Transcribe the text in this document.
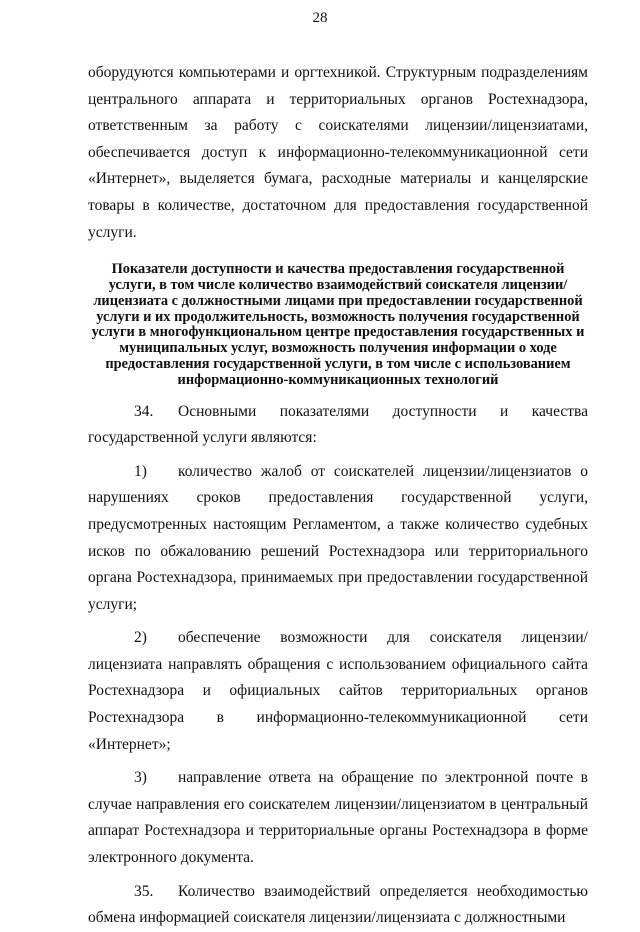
28

оборудуются компьютерами и оргтехникой. Структурным подразделениям центрального аппарата и территориальных органов Ростехнадзора, ответственным за работу с соискателями лицензии/лицензиатами, обеспечивается доступ к информационно-телекоммуникационной сети «Интернет», выделяется бумага, расходные материалы и канцелярские товары в количестве, достаточном для предоставления государственной услуги.

Показатели доступности и качества предоставления государственной услуги, в том числе количество взаимодействий соискателя лицензии/лицензиата с должностными лицами при предоставлении государственной услуги и их продолжительность, возможность получения государственной услуги в многофункциональном центре предоставления государственных и муниципальных услуг, возможность получения информации о ходе предоставления государственной услуги, в том числе с использованием информационно-коммуникационных технологий

34. Основными показателями доступности и качества государственной услуги являются:

1) количество жалоб от соискателей лицензии/лицензиатов о нарушениях сроков предоставления государственной услуги, предусмотренных настоящим Регламентом, а также количество судебных исков по обжалованию решений Ростехнадзора или территориального органа Ростехнадзора, принимаемых при предоставлении государственной услуги;

2) обеспечение возможности для соискателя лицензии/лицензиата направлять обращения с использованием официального сайта Ростехнадзора и официальных сайтов территориальных органов Ростехнадзора в информационно-телекоммуникационной сети «Интернет»;

3) направление ответа на обращение по электронной почте в случае направления его соискателем лицензии/лицензиатом в центральный аппарат Ростехнадзора и территориальные органы Ростехнадзора в форме электронного документа.

35. Количество взаимодействий определяется необходимостью обмена информацией соискателя лицензии/лицензиата с должностными
